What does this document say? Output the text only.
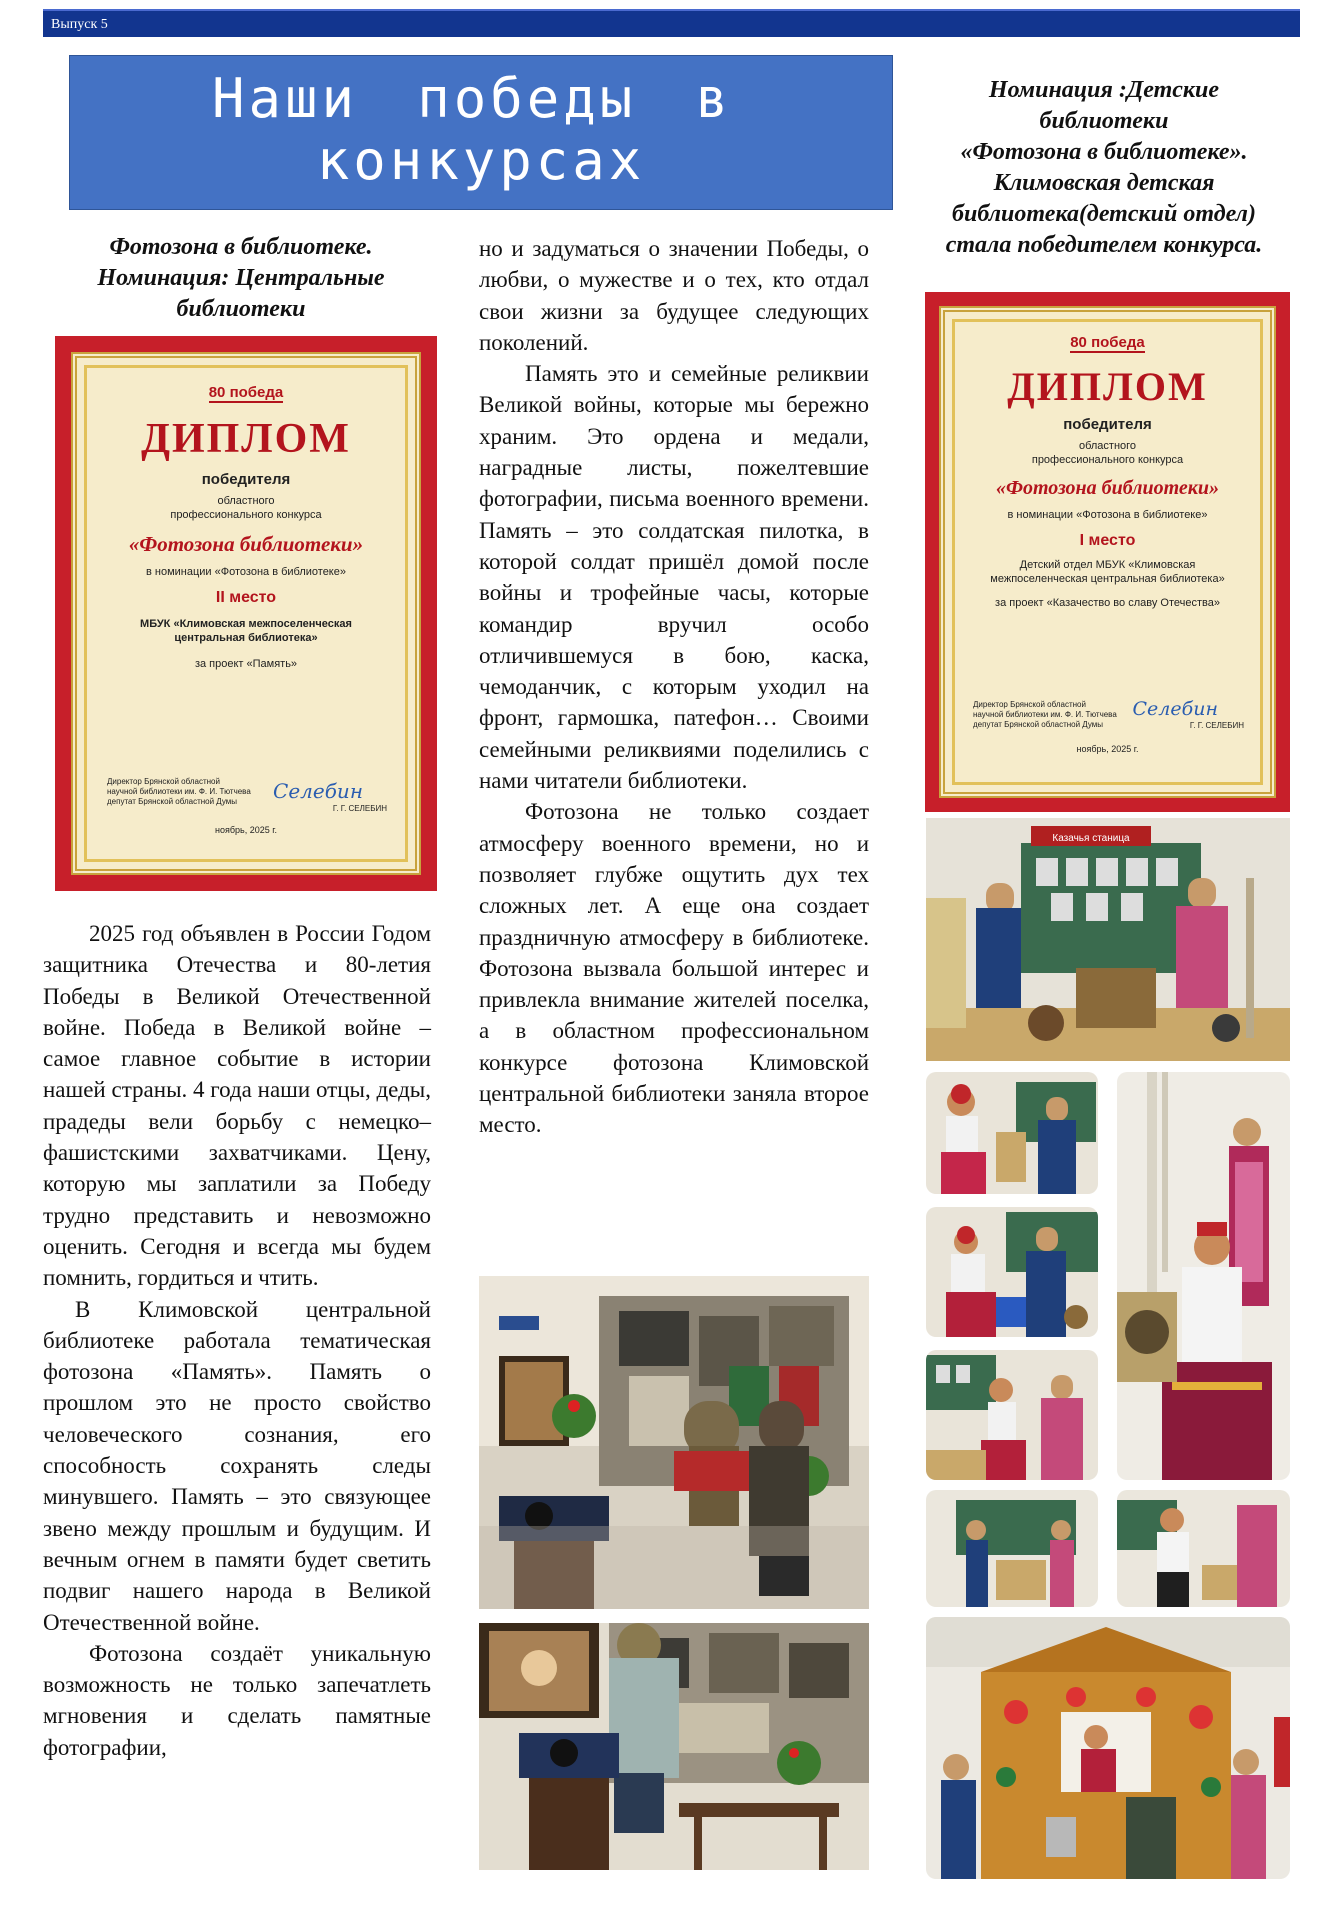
Выпуск 5
Наши победы в
конкурсах
Номинация :Детские
библиотеки
«Фотозона в библиотеке».
Климовская детская
библиотека(детский отдел)
стала победителем конкурса.
Фотозона в библиотеке.
Номинация: Центральные
библиотеки
80 победа
ДИПЛОМ
победителя
областного
профессионального конкурса
«Фотозона библиотеки»
в номинации «Фотозона в библиотеке»
II место
МБУК «Климовская межпоселенческая
центральная библиотека»
за проект «Память»
Директор Брянской областной
научной библиотеки им. Ф. И. Тютчева
депутат Брянской областной Думы	Селебин
Г. Г. СЕЛЕБИН
ноябрь, 2025 г.
80 победа
ДИПЛОМ
победителя
областного
профессионального конкурса
«Фотозона библиотеки»
в номинации «Фотозона в библиотеке»
I место
Детский отдел МБУК «Климовская
межпоселенческая центральная библиотека»
за проект «Казачество во славу Отечества»
Директор Брянской областной
научной библиотеки им. Ф. И. Тютчева
депутат Брянской областной Думы
Селебин
Г. Г. СЕЛЕБИН
ноябрь, 2025 г.

2025 год объявлен в России Годом защитника Отечества и 80-летия Победы в Великой Отечественной войне. Победа в Великой войне – самое главное событие в истории нашей страны. 4 года наши отцы, деды, прадеды вели борьбу с немецко–фашистскими захватчиками. Цену, которую мы заплатили за Победу трудно представить и невозможно оценить. Сегодня и всегда мы будем помнить, гордиться и чтить.

В Климовской центральной библиотеке работала тематическая фотозона «Память». Память о прошлом это не просто свойство человеческого сознания, его способность сохранять следы минувшего. Память – это связующее звено между прошлым и будущим. И вечным огнем в памяти будет светить подвиг нашего народа в Великой Отечественной войне.

Фотозона создаёт уникальную возможность не только запечатлеть мгновения и сделать памятные фотографии,

но и задуматься о значении Победы, о любви, о мужестве и о тех, кто отдал свои жизни за будущее следующих поколений.

Память это и семейные реликвии Великой войны, которые мы бережно храним. Это ордена и медали, наградные листы, пожелтевшие фотографии, письма военного времени. Память – это солдатская пилотка, в которой солдат пришёл домой после войны и трофейные часы, которые командир вручил особо отличившемуся в бою, каска, чемоданчик, с которым уходил на фронт, гармошка, патефон… Своими семейными реликвиями поделились с нами читатели библиотеки.

Фотозона не только создает атмосферу военного времени, но и позволяет глубже ощутить дух тех сложных лет. А еще она создает праздничную атмосферу в библиотеке. Фотозона вызвала большой интерес и привлекла внимание жителей поселка, а в областном профессиональном конкурсе фотозона Климовской центральной библиотеки заняла второе место.

Казачья станица
